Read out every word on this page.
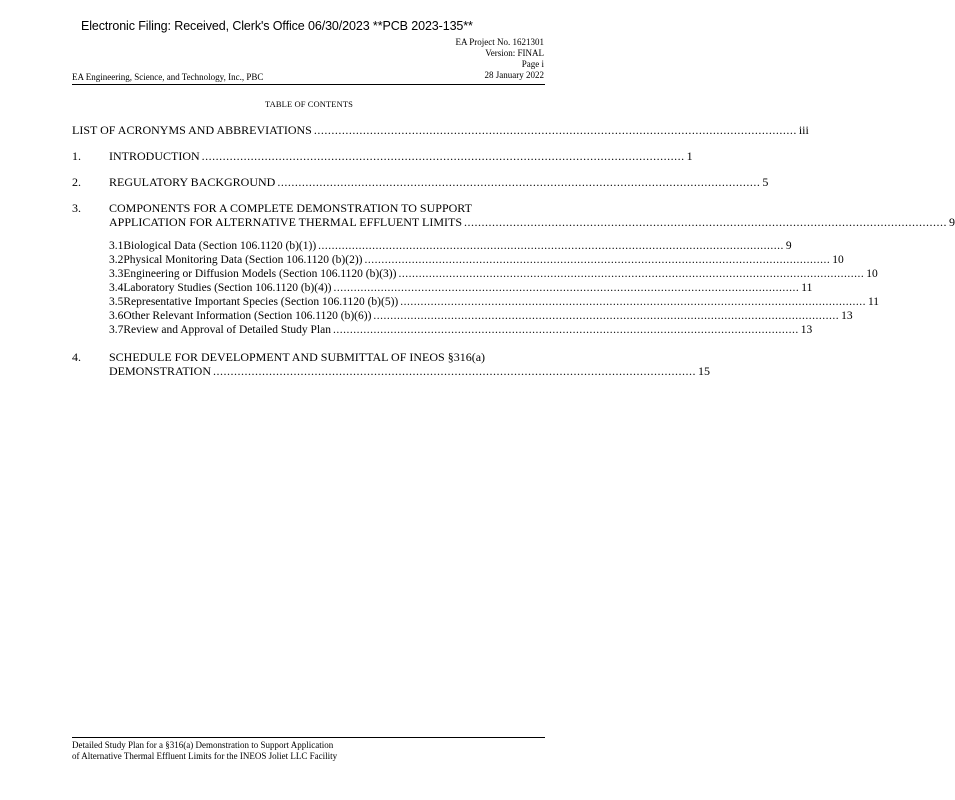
Electronic Filing: Received, Clerk's Office 06/30/2023 **PCB 2023-135**
EA Project No. 1621301
Version: FINAL
Page i
28 January 2022
EA Engineering, Science, and Technology, Inc., PBC
TABLE OF CONTENTS
LIST OF ACRONYMS AND ABBREVIATIONS .......................................................................................................................................... iii
1. INTRODUCTION .......................................................................................................................................... 1
2. REGULATORY BACKGROUND .......................................................................................................................................... 5
3. COMPONENTS FOR A COMPLETE DEMONSTRATION TO SUPPORT
APPLICATION FOR ALTERNATIVE THERMAL EFFLUENT LIMITS .......................................................................................................................................... 9
3.1 Biological Data (Section 106.1120 (b)(1)) .......................................................................................................................................... 9
3.2 Physical Monitoring Data (Section 106.1120 (b)(2)) .......................................................................................................................................... 10
3.3 Engineering or Diffusion Models (Section 106.1120 (b)(3)) .......................................................................................................................................... 10
3.4 Laboratory Studies (Section 106.1120 (b)(4)) .......................................................................................................................................... 11
3.5 Representative Important Species (Section 106.1120 (b)(5)) .......................................................................................................................................... 11
3.6 Other Relevant Information (Section 106.1120 (b)(6)) .......................................................................................................................................... 13
3.7 Review and Approval of Detailed Study Plan .......................................................................................................................................... 13
4. SCHEDULE FOR DEVELOPMENT AND SUBMITTAL OF INEOS §316(a)
DEMONSTRATION .......................................................................................................................................... 15
Detailed Study Plan for a §316(a) Demonstration to Support Application
of Alternative Thermal Effluent Limits for the INEOS Joliet LLC Facility
